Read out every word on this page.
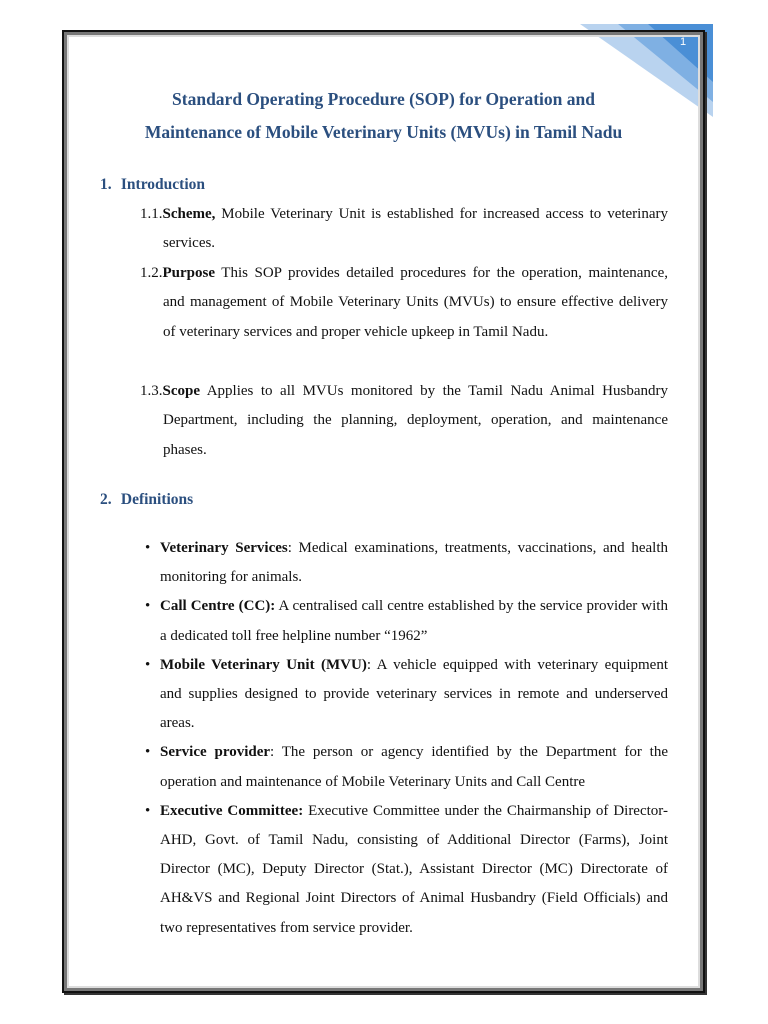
1
Standard Operating Procedure (SOP) for Operation and
Maintenance of Mobile Veterinary Units (MVUs) in Tamil Nadu
1. Introduction
1.1.Scheme, Mobile Veterinary Unit is established for increased access to veterinary services.
1.2.Purpose This SOP provides detailed procedures for the operation, maintenance, and management of Mobile Veterinary Units (MVUs) to ensure effective delivery of veterinary services and proper vehicle upkeep in Tamil Nadu.
1.3.Scope Applies to all MVUs monitored by the Tamil Nadu Animal Husbandry Department, including the planning, deployment, operation, and maintenance phases.
2. Definitions
• Veterinary Services: Medical examinations, treatments, vaccinations, and health monitoring for animals.
• Call Centre (CC): A centralised call centre established by the service provider with a dedicated toll free helpline number “1962”
• Mobile Veterinary Unit (MVU): A vehicle equipped with veterinary equipment and supplies designed to provide veterinary services in remote and underserved areas.
• Service provider: The person or agency identified by the Department for the operation and maintenance of Mobile Veterinary Units and Call Centre
• Executive Committee: Executive Committee under the Chairmanship of Director- AHD, Govt. of Tamil Nadu, consisting of Additional Director (Farms), Joint Director (MC), Deputy Director (Stat.), Assistant Director (MC) Directorate of AH&VS and Regional Joint Directors of Animal Husbandry (Field Officials) and two representatives from service provider.
